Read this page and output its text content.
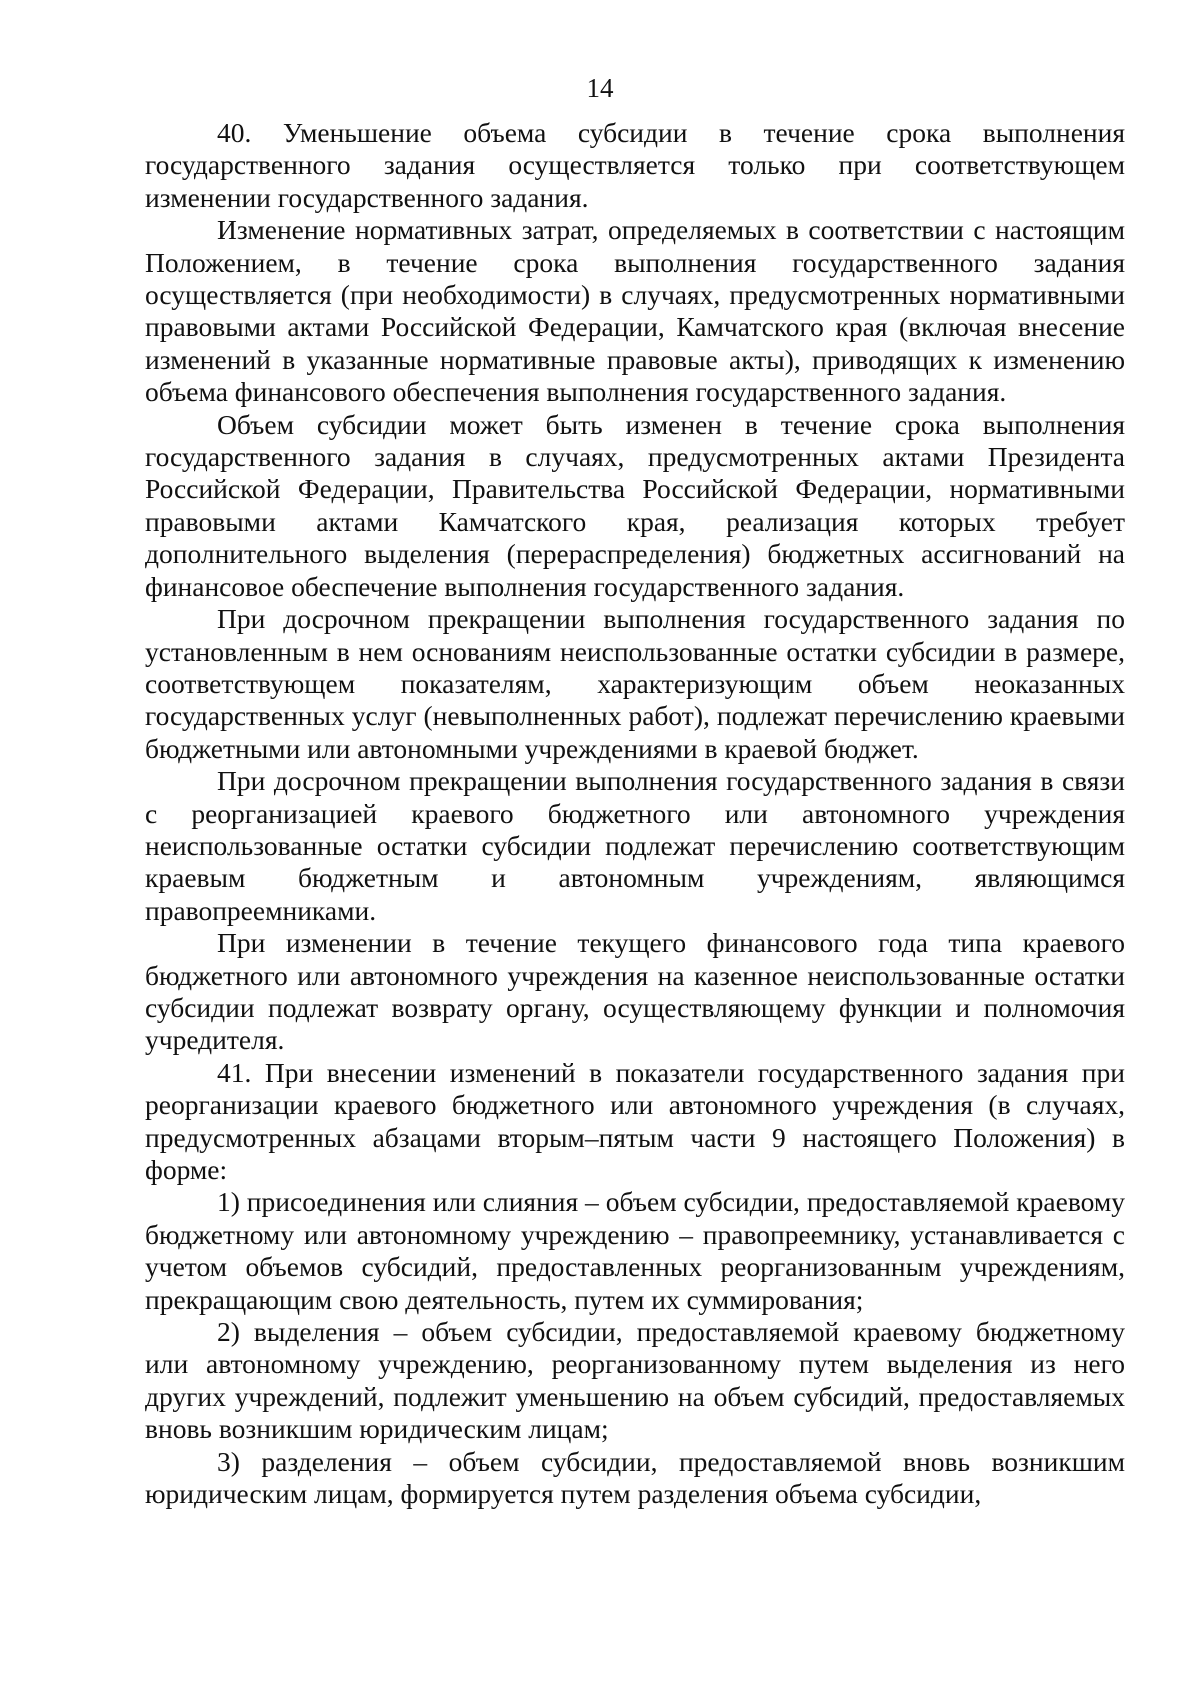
14

40. Уменьшение объема субсидии в течение срока выполнения государственного задания осуществляется только при соответствующем изменении государственного задания.

Изменение нормативных затрат, определяемых в соответствии с настоящим Положением, в течение срока выполнения государственного задания осуществляется (при необходимости) в случаях, предусмотренных нормативными правовыми актами Российской Федерации, Камчатского края (включая внесение изменений в указанные нормативные правовые акты), приводящих к изменению объема финансового обеспечения выполнения государственного задания.

Объем субсидии может быть изменен в течение срока выполнения государственного задания в случаях, предусмотренных актами Президента Российской Федерации, Правительства Российской Федерации, нормативными правовыми актами Камчатского края, реализация которых требует дополнительного выделения (перераспределения) бюджетных ассигнований на финансовое обеспечение выполнения государственного задания.

При досрочном прекращении выполнения государственного задания по установленным в нем основаниям неиспользованные остатки субсидии в размере, соответствующем показателям, характеризующим объем неоказанных государственных услуг (невыполненных работ), подлежат перечислению краевыми бюджетными или автономными учреждениями в краевой бюджет.

При досрочном прекращении выполнения государственного задания в связи с реорганизацией краевого бюджетного или автономного учреждения неиспользованные остатки субсидии подлежат перечислению соответствующим краевым бюджетным и автономным учреждениям, являющимся правопреемниками.

При изменении в течение текущего финансового года типа краевого бюджетного или автономного учреждения на казенное неиспользованные остатки субсидии подлежат возврату органу, осуществляющему функции и полномочия учредителя.

41. При внесении изменений в показатели государственного задания при реорганизации краевого бюджетного или автономного учреждения (в случаях, предусмотренных абзацами вторым–пятым части 9 настоящего Положения) в форме:

1) присоединения или слияния – объем субсидии, предоставляемой краевому бюджетному или автономному учреждению – правопреемнику, устанавливается с учетом объемов субсидий, предоставленных реорганизованным учреждениям, прекращающим свою деятельность, путем их суммирования;

2) выделения – объем субсидии, предоставляемой краевому бюджетному или автономному учреждению, реорганизованному путем выделения из него других учреждений, подлежит уменьшению на объем субсидий, предоставляемых вновь возникшим юридическим лицам;

3) разделения – объем субсидии, предоставляемой вновь возникшим юридическим лицам, формируется путем разделения объема субсидии,
